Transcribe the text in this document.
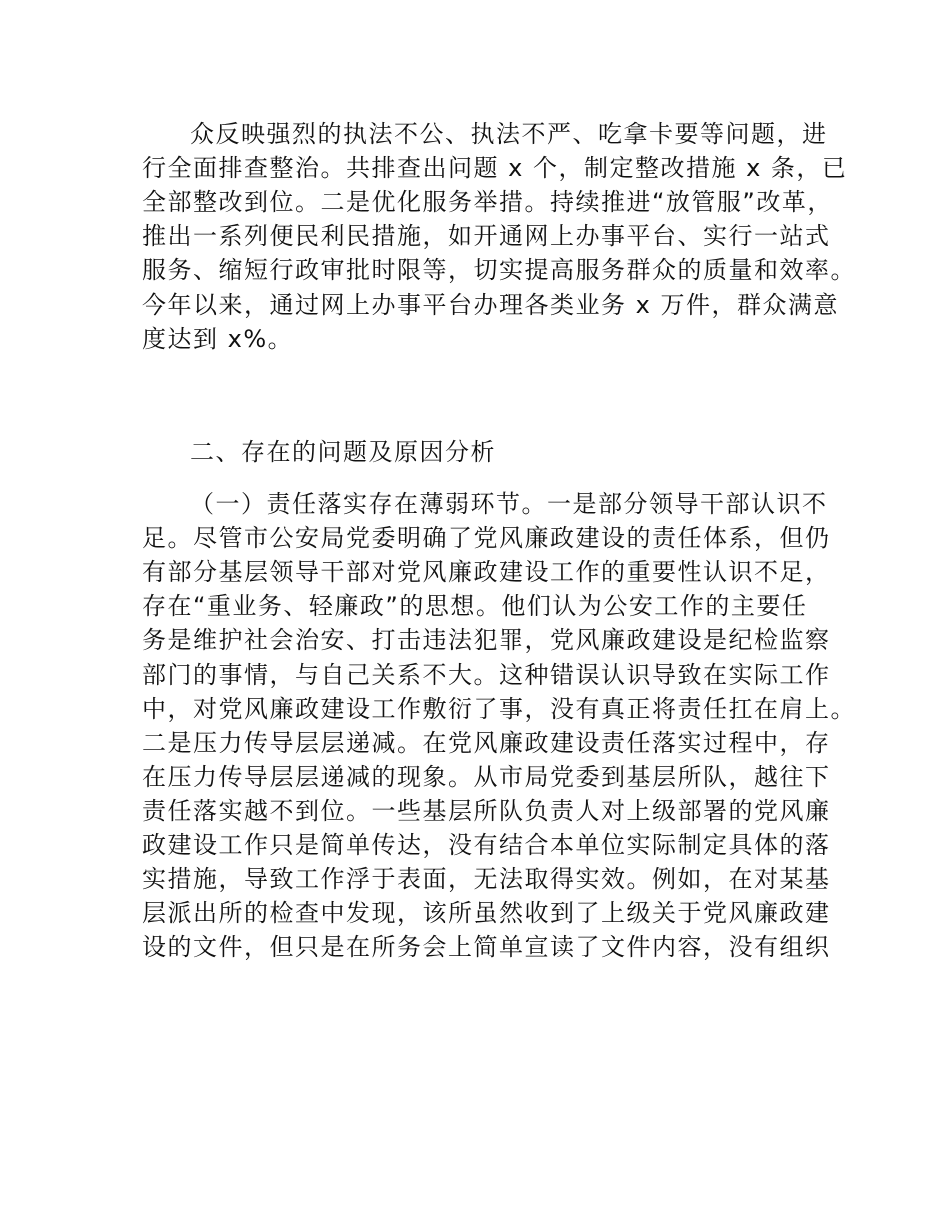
众反映强烈的执法不公、执法不严、吃拿卡要等问题，进
行全面排查整治。共排查出问题 x 个，制定整改措施 x 条，已
全部整改到位。二是优化服务举措。持续推进“放管服”改革，
推出一系列便民利民措施，如开通网上办事平台、实行一站式
服务、缩短行政审批时限等，切实提高服务群众的质量和效率。
今年以来，通过网上办事平台办理各类业务 x 万件，群众满意
度达到 x%。
二、存在的问题及原因分析
（一）责任落实存在薄弱环节。一是部分领导干部认识不
足。尽管市公安局党委明确了党风廉政建设的责任体系，但仍
有部分基层领导干部对党风廉政建设工作的重要性认识不足，
存在“重业务、轻廉政”的思想。他们认为公安工作的主要任
务是维护社会治安、打击违法犯罪，党风廉政建设是纪检监察
部门的事情，与自己关系不大。这种错误认识导致在实际工作
中，对党风廉政建设工作敷衍了事，没有真正将责任扛在肩上。
二是压力传导层层递减。在党风廉政建设责任落实过程中，存
在压力传导层层递减的现象。从市局党委到基层所队，越往下
责任落实越不到位。一些基层所队负责人对上级部署的党风廉
政建设工作只是简单传达，没有结合本单位实际制定具体的落
实措施，导致工作浮于表面，无法取得实效。例如，在对某基
层派出所的检查中发现，该所虽然收到了上级关于党风廉政建
设的文件，但只是在所务会上简单宣读了文件内容，没有组织
